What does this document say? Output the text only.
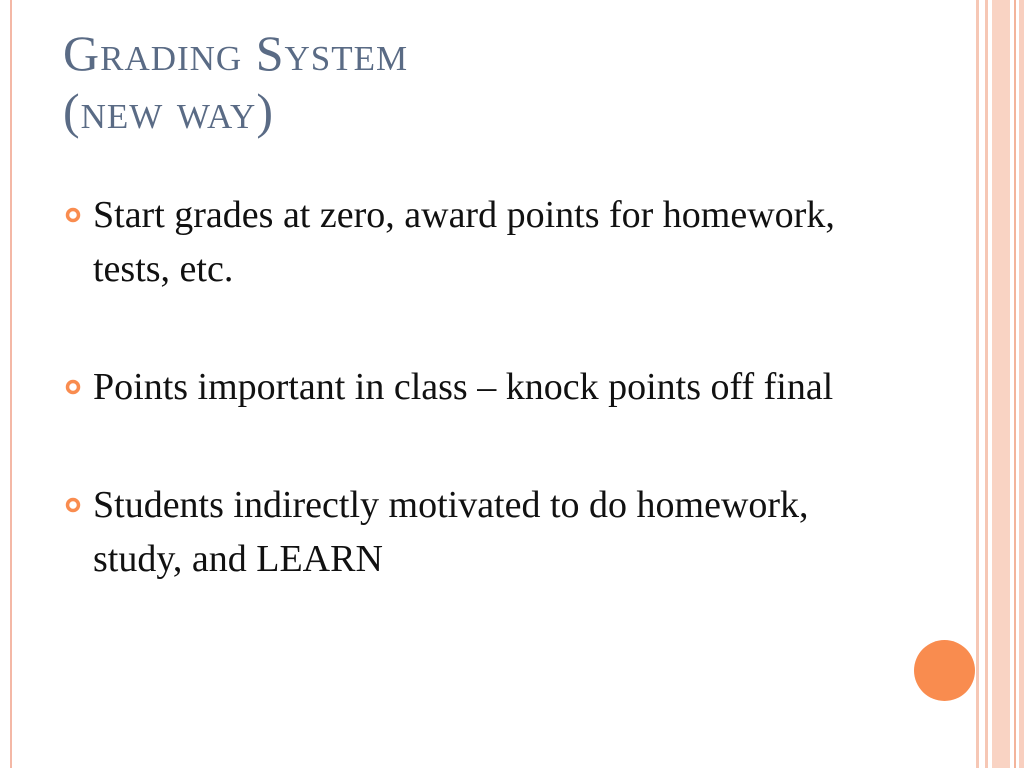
Grading System
(new way)
Start grades at zero, award points for homework, tests, etc.
Points important in class – knock points off final
Students indirectly motivated to do homework, study, and LEARN
